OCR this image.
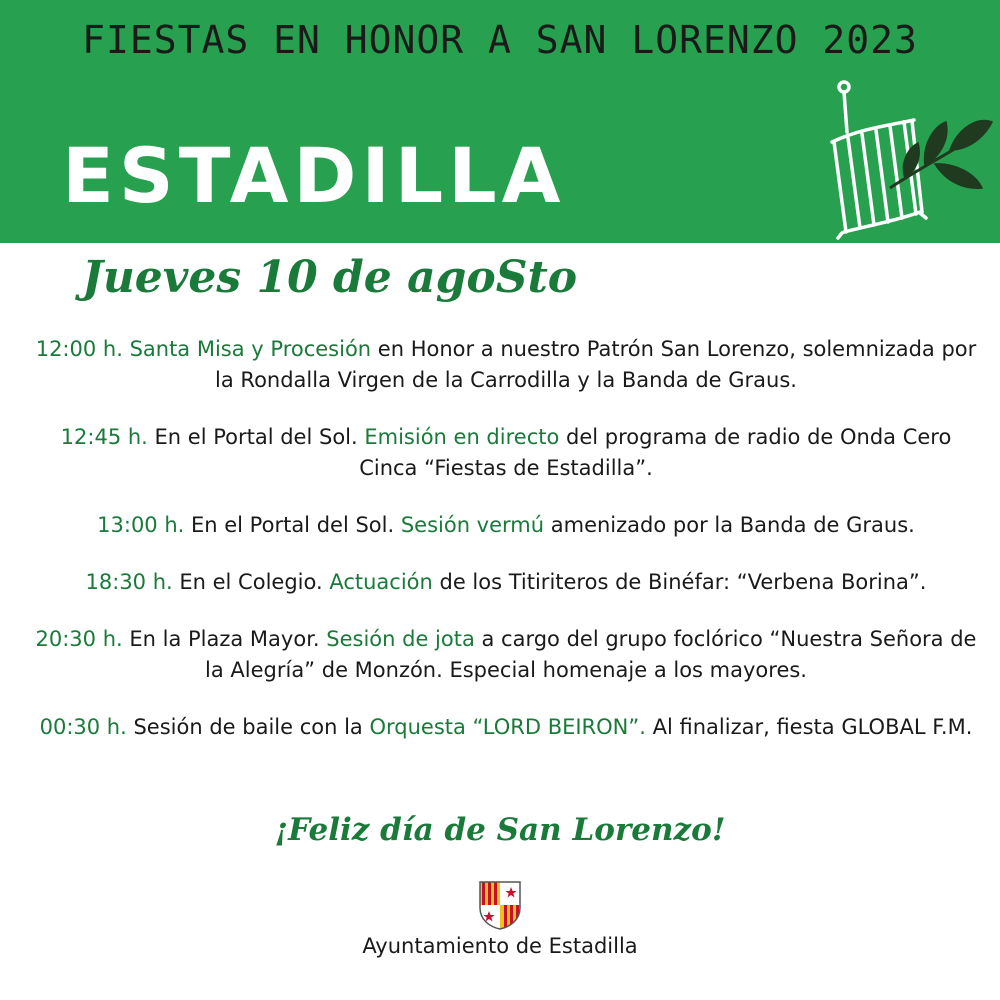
FIESTAS EN HONOR A SAN LORENZO 2023
ESTADILLA
Jueves 10 de agoSto

12:00 h. Santa Misa y Procesión en Honor a nuestro Patrón San Lorenzo, solemnizada por la Rondalla Virgen de la Carrodilla y la Banda de Graus.

12:45 h. En el Portal del Sol. Emisión en directo del programa de radio de Onda Cero Cinca “Fiestas de Estadilla”.

13:00 h. En el Portal del Sol. Sesión vermú amenizado por la Banda de Graus.

18:30 h. En el Colegio. Actuación de los Titiriteros de Binéfar: “Verbena Borina”.

20:30 h. En la Plaza Mayor. Sesión de jota a cargo del grupo foclórico “Nuestra Señora de la Alegría” de Monzón. Especial homenaje a los mayores.

00:30 h. Sesión de baile con la Orquesta “LORD BEIRON”. Al finalizar, fiesta GLOBAL F.M.

¡Feliz día de San Lorenzo!
Ayuntamiento de Estadilla
